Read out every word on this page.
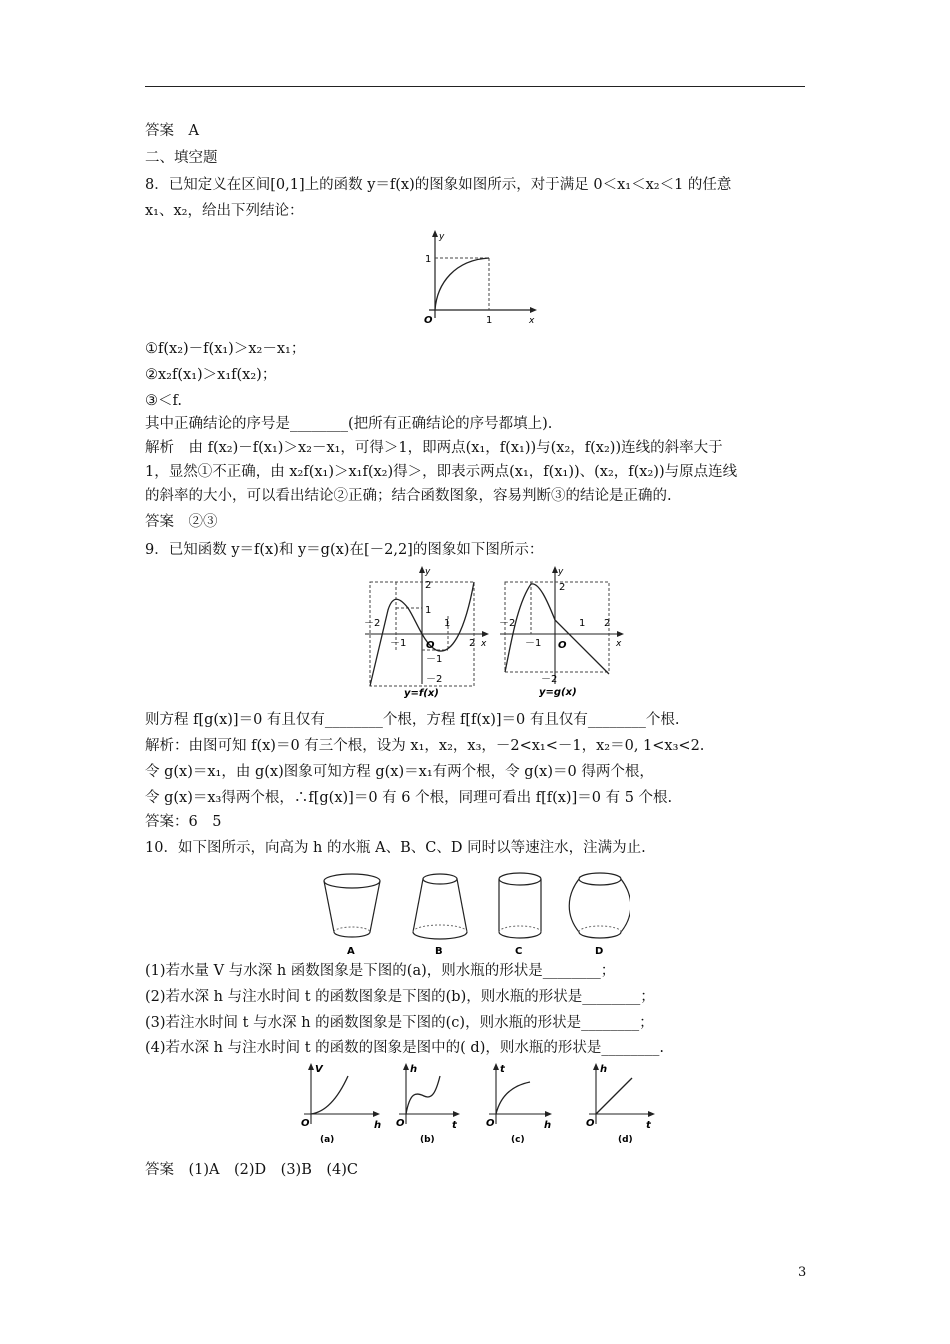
答案　A
二、填空题
8．已知定义在区间[0,1]上的函数 y＝f(x)的图象如图所示，对于满足 0＜x₁＜x₂＜1 的任意
x₁、x₂，给出下列结论：
y
x
O
1
1
①f(x₂)－f(x₁)＞x₂－x₁；
②x₂f(x₁)＞x₁f(x₂)；
③＜f.
其中正确结论的序号是________(把所有正确结论的序号都填上).
解析　由 f(x₂)－f(x₁)＞x₂－x₁，可得＞1，即两点(x₁，f(x₁))与(x₂，f(x₂))连线的斜率大于
1，显然①不正确，由 x₂f(x₁)＞x₁f(x₂)得＞，即表示两点(x₁，f(x₁))、(x₂，f(x₂))与原点连线
的斜率的大小，可以看出结论②正确；结合函数图象，容易判断③的结论是正确的.
答案　②③
9．已知函数 y＝f(x)和 y＝g(x)在[－2,2]的图象如下图所示：
y
x
O
2
1
－2
－1
1
2
－1
－2
y=f(x)
y
x
O
2
－2
－1
1 2
－2
y=g(x)
则方程 f[g(x)]＝0 有且仅有________个根，方程 f[f(x)]＝0 有且仅有________个根.
解析：由图可知 f(x)＝0 有三个根，设为 x₁，x₂，x₃，－2<x₁<－1，x₂＝0, 1<x₃<2.
令 g(x)＝x₁，由 g(x)图象可知方程 g(x)＝x₁有两个根，令 g(x)＝0 得两个根，
令 g(x)＝x₃得两个根，∴f[g(x)]＝0 有 6 个根，同理可看出 f[f(x)]＝0 有 5 个根.
答案：6　5
10．如下图所示，向高为 h 的水瓶 A、B、C、D 同时以等速注水，注满为止.
A	B	C	D
(1)若水量 V 与水深 h 函数图象是下图的(a)，则水瓶的形状是________；
(2)若水深 h 与注水时间 t 的函数图象是下图的(b)，则水瓶的形状是________；
(3)若注水时间 t 与水深 h 的函数图象是下图的(c)，则水瓶的形状是________；
(4)若水深 h 与注水时间 t 的函数的图象是图中的( d)，则水瓶的形状是________.
V
h
O
(a)
h
t
O
(b)
t
h
O
(c)
h
t
O
(d)
答案　(1)A　(2)D　(3)B　(4)C
3
